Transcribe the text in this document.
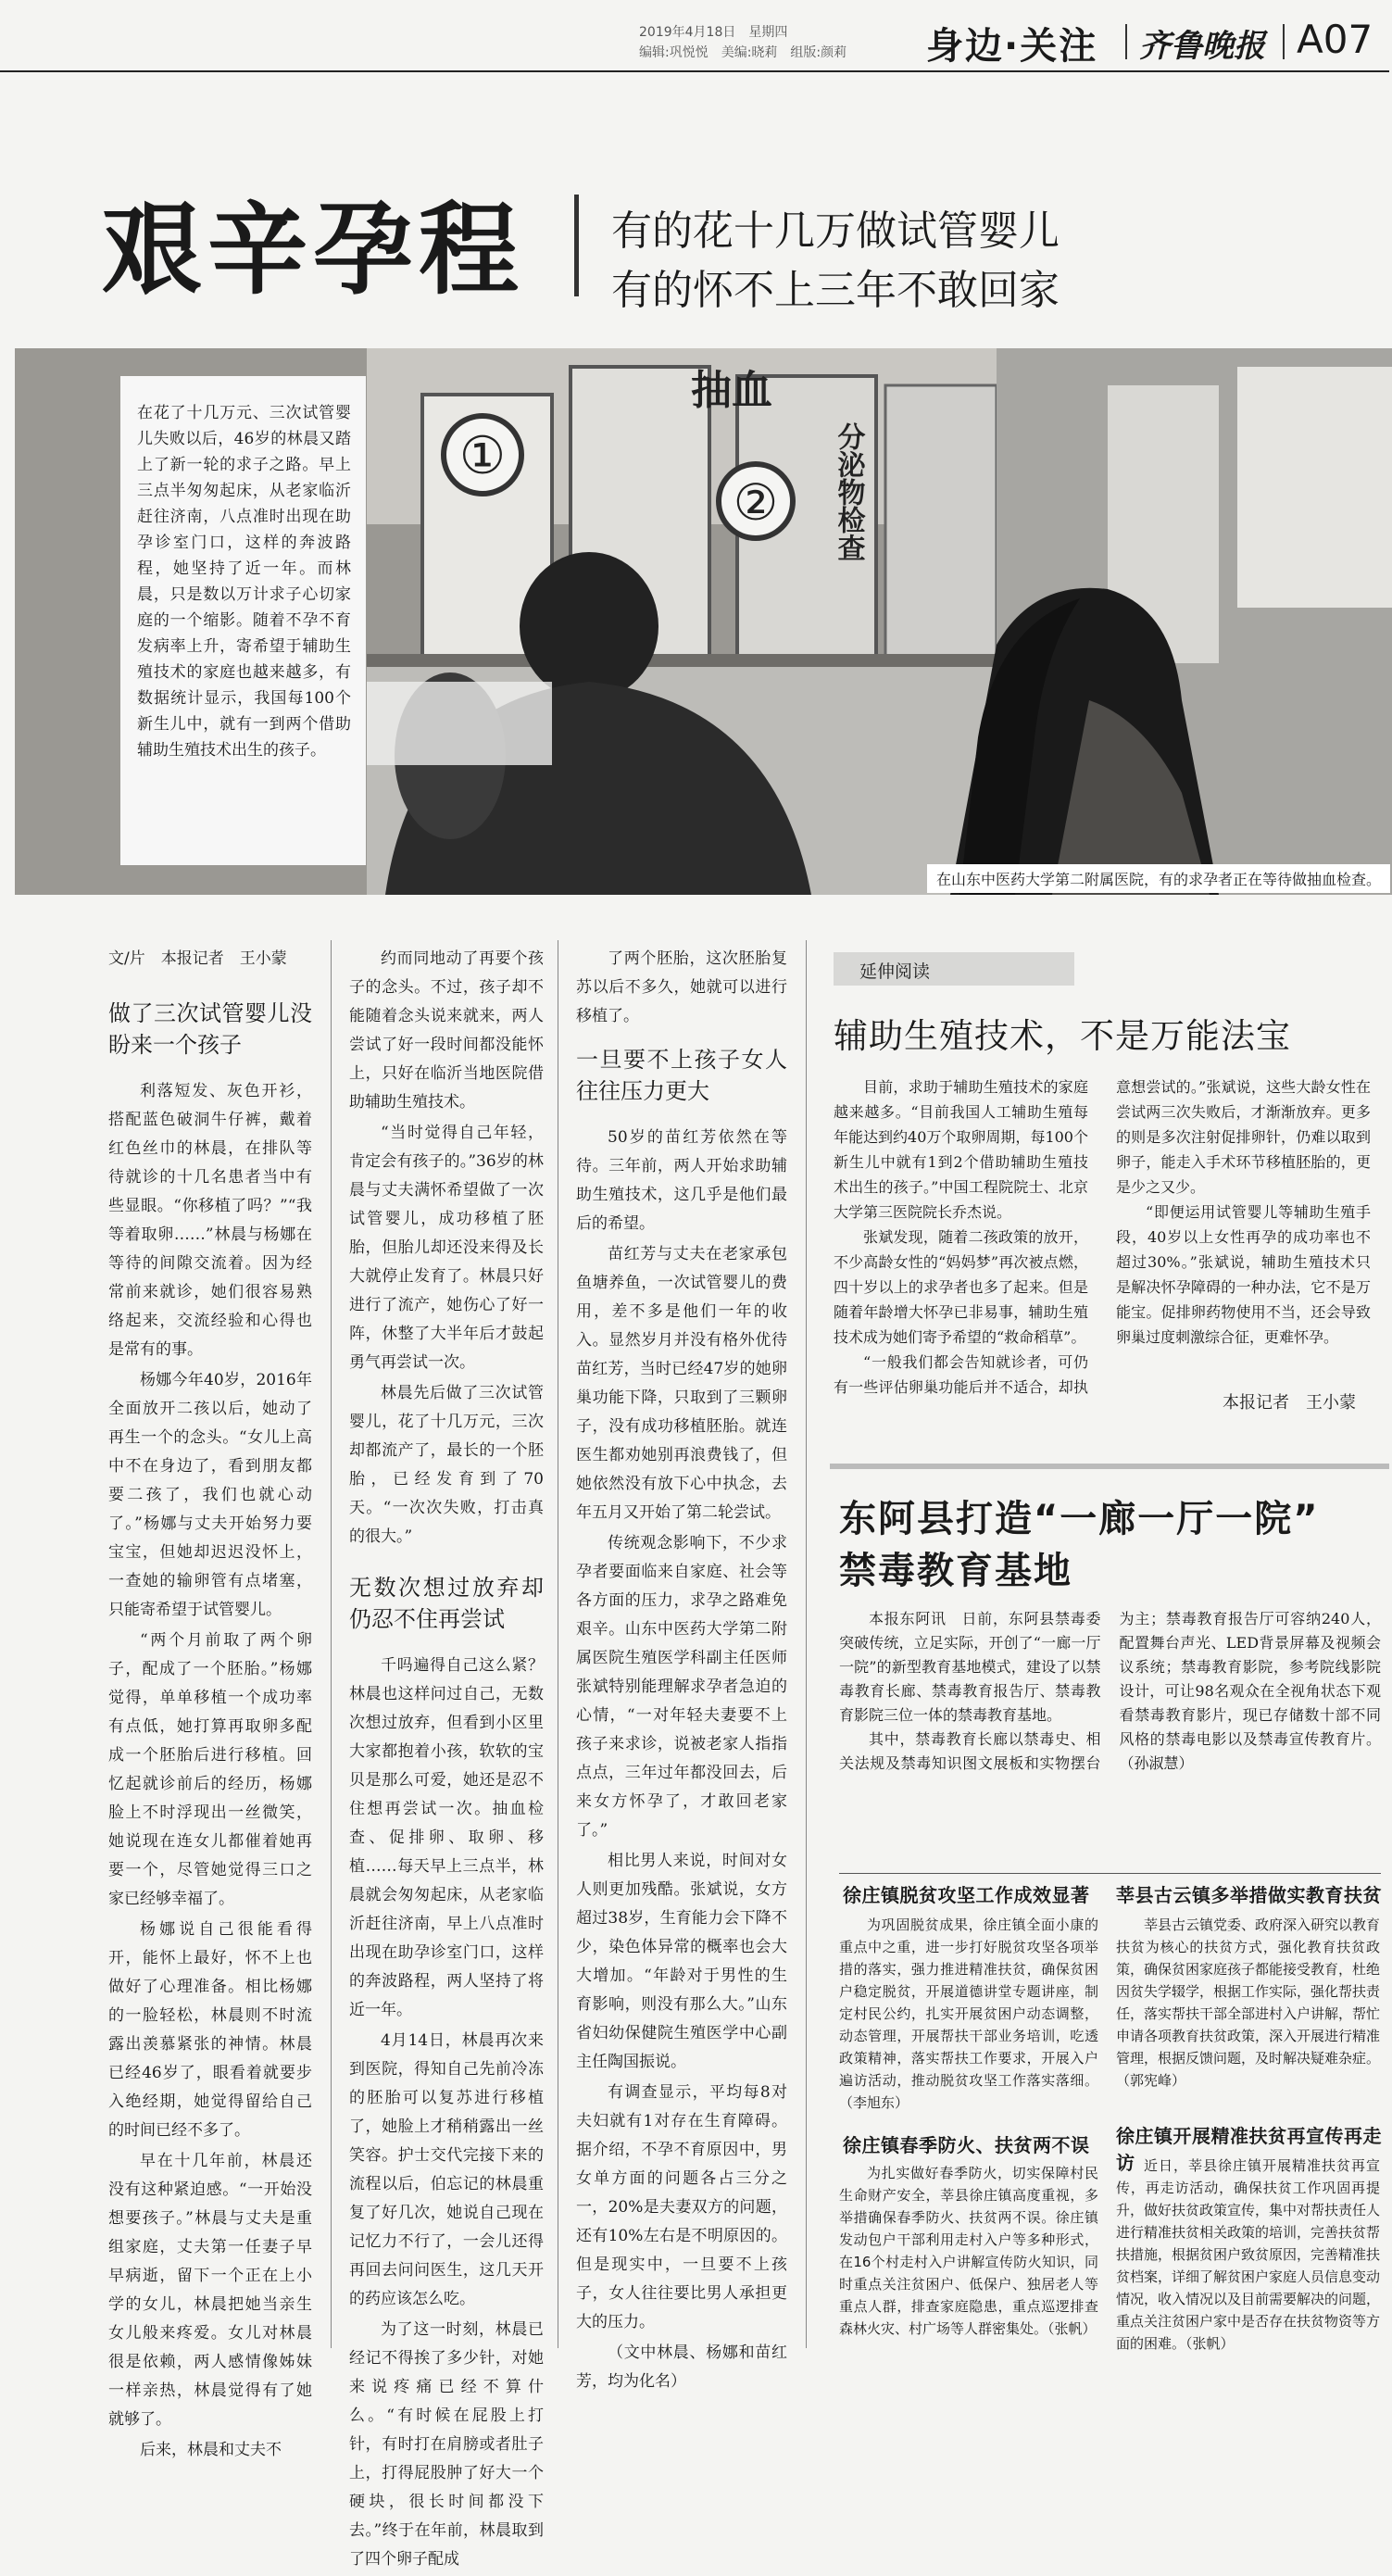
2019年4月18日　星期四
编辑:巩悦悦　美编:晓莉　组版:颜莉 身边·关注 齐鲁晚报 A07
艰辛孕程 有的花十几万做试管婴儿
有的怀不上三年不敢回家
①
②
抽血
分泌物检查
在花了十几万元、三次试管婴儿失败以后，46岁的林晨又踏上了新一轮的求子之路。早上三点半匆匆起床，从老家临沂赶往济南，八点准时出现在助孕诊室门口，这样的奔波路程，她坚持了近一年。而林晨，只是数以万计求子心切家庭的一个缩影。随着不孕不育发病率上升，寄希望于辅助生殖技术的家庭也越来越多，有数据统计显示，我国每100个新生儿中，就有一到两个借助辅助生殖技术出生的孩子。
在山东中医药大学第二附属医院，有的求孕者正在等待做抽血检查。
文/片　本报记者　王小蒙
做了三次试管婴儿没盼来一个孩子

利落短发、灰色开衫，搭配蓝色破洞牛仔裤，戴着红色丝巾的林晨，在排队等待就诊的十几名患者当中有些显眼。“你移植了吗？”“我等着取卵……”林晨与杨娜在等待的间隙交流着。因为经常前来就诊，她们很容易熟络起来，交流经验和心得也是常有的事。

杨娜今年40岁，2016年全面放开二孩以后，她动了再生一个的念头。“女儿上高中不在身边了，看到朋友都要二孩了，我们也就心动了。”杨娜与丈夫开始努力要宝宝，但她却迟迟没怀上，一查她的输卵管有点堵塞，只能寄希望于试管婴儿。

“两个月前取了两个卵子，配成了一个胚胎。”杨娜觉得，单单移植一个成功率有点低，她打算再取卵多配成一个胚胎后进行移植。回忆起就诊前后的经历，杨娜脸上不时浮现出一丝微笑，她说现在连女儿都催着她再要一个，尽管她觉得三口之家已经够幸福了。

杨娜说自己很能看得开，能怀上最好，怀不上也做好了心理准备。相比杨娜的一脸轻松，林晨则不时流露出羡慕紧张的神情。林晨已经46岁了，眼看着就要步入绝经期，她觉得留给自己的时间已经不多了。

早在十几年前，林晨还没有这种紧迫感。“一开始没想要孩子。”林晨与丈夫是重组家庭，丈夫第一任妻子早早病逝，留下一个正在上小学的女儿，林晨把她当亲生女儿般来疼爱。女儿对林晨很是依赖，两人感情像姊妹一样亲热，林晨觉得有了她就够了。

后来，林晨和丈夫不

约而同地动了再要个孩子的念头。不过，孩子却不能随着念头说来就来，两人尝试了好一段时间都没能怀上，只好在临沂当地医院借助辅助生殖技术。

“当时觉得自己年轻，肯定会有孩子的。”36岁的林晨与丈夫满怀希望做了一次试管婴儿，成功移植了胚胎，但胎儿却还没来得及长大就停止发育了。林晨只好进行了流产，她伤心了好一阵，休整了大半年后才鼓起勇气再尝试一次。

林晨先后做了三次试管婴儿，花了十几万元，三次却都流产了，最长的一个胚胎，已经发育到了70天。“一次次失败，打击真的很大。”

无数次想过放弃却仍忍不住再尝试

千吗遍得自己这么紧？林晨也这样问过自己，无数次想过放弃，但看到小区里大家都抱着小孩，软软的宝贝是那么可爱，她还是忍不住想再尝试一次。抽血检查、促排卵、取卵、移植……每天早上三点半，林晨就会匆匆起床，从老家临沂赶往济南，早上八点准时出现在助孕诊室门口，这样的奔波路程，两人坚持了将近一年。

4月14日，林晨再次来到医院，得知自己先前冷冻的胚胎可以复苏进行移植了，她脸上才稍稍露出一丝笑容。护士交代完接下来的流程以后，伯忘记的林晨重复了好几次，她说自己现在记忆力不行了，一会儿还得再回去问问医生，这几天开的药应该怎么吃。

为了这一时刻，林晨已经记不得挨了多少针，对她来说疼痛已经不算什么。“有时候在屁股上打针，有时打在肩膀或者肚子上，打得屁股肿了好大一个硬块，很长时间都没下去。”终于在年前，林晨取到了四个卵子配成

了两个胚胎，这次胚胎复苏以后不多久，她就可以进行移植了。

一旦要不上孩子女人往往压力更大

50岁的苗红芳依然在等待。三年前，两人开始求助辅助生殖技术，这几乎是他们最后的希望。

苗红芳与丈夫在老家承包鱼塘养鱼，一次试管婴儿的费用，差不多是他们一年的收入。显然岁月并没有格外优待苗红芳，当时已经47岁的她卵巢功能下降，只取到了三颗卵子，没有成功移植胚胎。就连医生都劝她别再浪费钱了，但她依然没有放下心中执念，去年五月又开始了第二轮尝试。

传统观念影响下，不少求孕者要面临来自家庭、社会等各方面的压力，求孕之路难免艰辛。山东中医药大学第二附属医院生殖医学科副主任医师张斌特别能理解求孕者急迫的心情，“一对年轻夫妻要不上孩子来求诊，说被老家人指指点点，三年过年都没回去，后来女方怀孕了，才敢回老家了。”

相比男人来说，时间对女人则更加残酷。张斌说，女方超过38岁，生育能力会下降不少，染色体异常的概率也会大大增加。“年龄对于男性的生育影响，则没有那么大。”山东省妇幼保健院生殖医学中心副主任陶国振说。

有调查显示，平均每8对夫妇就有1对存在生育障碍。据介绍，不孕不育原因中，男女单方面的问题各占三分之一，20%是夫妻双方的问题，还有10%左右是不明原因的。但是现实中，一旦要不上孩子，女人往往要比男人承担更大的压力。

（文中林晨、杨娜和苗红芳，均为化名）

延伸阅读
辅助生殖技术，不是万能法宝

目前，求助于辅助生殖技术的家庭越来越多。“目前我国人工辅助生殖每年能达到约40万个取卵周期，每100个新生儿中就有1到2个借助辅助生殖技术出生的孩子。”中国工程院院士、北京大学第三医院院长乔杰说。

张斌发现，随着二孩政策的放开，不少高龄女性的“妈妈梦”再次被点燃，四十岁以上的求孕者也多了起来。但是随着年龄增大怀孕已非易事，辅助生殖技术成为她们寄予希望的“救命稻草”。

“一般我们都会告知就诊者，可仍有一些评估卵巢功能后并不适合，却执意想尝试的。”张斌说，这些大龄女性在尝试两三次失败后，才渐渐放弃。更多的则是多次注射促排卵针，仍难以取到卵子，能走入手术环节移植胚胎的，更是少之又少。

“即便运用试管婴儿等辅助生殖手段，40岁以上女性再孕的成功率也不超过30%。”张斌说，辅助生殖技术只是解决怀孕障碍的一种办法，它不是万能宝。促排卵药物使用不当，还会导致卵巢过度刺激综合征，更难怀孕。

本报记者　王小蒙
东阿县打造“一廊一厅一院”
禁毒教育基地

本报东阿讯　日前，东阿县禁毒委突破传统，立足实际，开创了“一廊一厅一院”的新型教育基地模式，建设了以禁毒教育长廊、禁毒教育报告厅、禁毒教育影院三位一体的禁毒教育基地。

其中，禁毒教育长廊以禁毒史、相关法规及禁毒知识图文展板和实物摆台为主；禁毒教育报告厅可容纳240人，配置舞台声光、LED背景屏幕及视频会议系统；禁毒教育影院，参考院线影院设计，可让98名观众在全视角状态下观看禁毒教育影片，现已存储数十部不同风格的禁毒电影以及禁毒宣传教育片。（孙淑慧）

徐庄镇脱贫攻坚工作成效显著

为巩固脱贫成果，徐庄镇全面小康的重点中之重，进一步打好脱贫攻坚各项举措的落实，强力推进精准扶贫，确保贫困户稳定脱贫，开展道德讲堂专题讲座，制定村民公约，扎实开展贫困户动态调整，动态管理，开展帮扶干部业务培训，吃透政策精神，落实帮扶工作要求，开展入户遍访活动，推动脱贫攻坚工作落实落细。（李旭东）

莘县古云镇多举措做实教育扶贫

莘县古云镇党委、政府深入研究以教育扶贫为核心的扶贫方式，强化教育扶贫政策，确保贫困家庭孩子都能接受教育，杜绝因贫失学辍学，根据工作实际，强化帮扶责任，落实帮扶干部全部进村入户讲解，帮忙申请各项教育扶贫政策，深入开展进行精准管理，根据反馈问题，及时解决疑难杂症。（郭宪峰）

徐庄镇春季防火、扶贫两不误

为扎实做好春季防火，切实保障村民生命财产安全，莘县徐庄镇高度重视，多举措确保春季防火、扶贫两不误。徐庄镇发动包户干部利用走村入户等多种形式，在16个村走村入户讲解宣传防火知识，同时重点关注贫困户、低保户、独居老人等重点人群，排查家庭隐患，重点巡逻排查森林火灾、村广场等人群密集处。（张帆）

徐庄镇开展精准扶贫再宣传再走访 近日，莘县徐庄镇开展精准扶贫再宣传，再走访活动，确保扶贫工作巩固再提升，做好扶贫政策宣传，集中对帮扶责任人进行精准扶贫相关政策的培训，完善扶贫帮扶措施，根据贫困户致贫原因，完善精准扶贫档案，详细了解贫困户家庭人员信息变动情况，收入情况以及目前需要解决的问题，重点关注贫困户家中是否存在扶贫物资等方面的困难。（张帆）
